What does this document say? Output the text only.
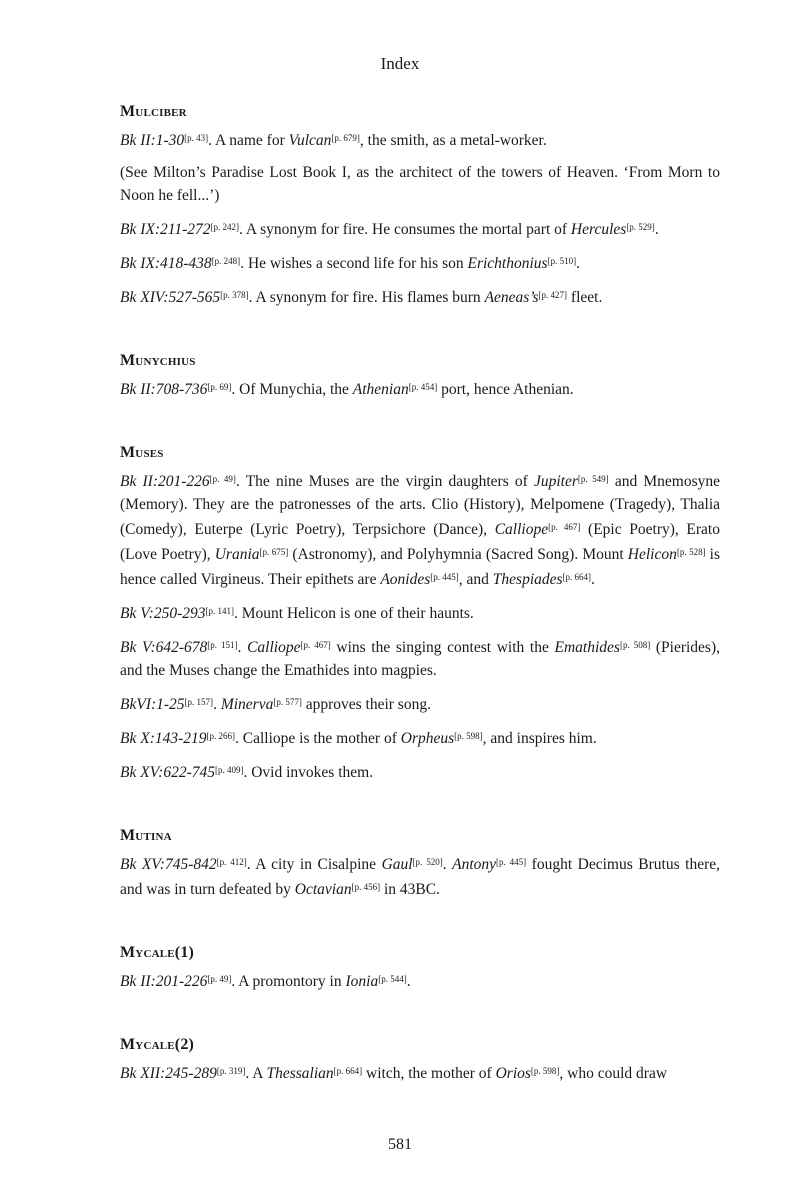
Index
Mulciber

Bk II:1-30[p. 43]. A name for Vulcan[p. 679], the smith, as a metal-worker.

(See Milton’s Paradise Lost Book I, as the architect of the towers of Heaven. ‘From Morn to Noon he fell...’)

Bk IX:211-272[p. 242]. A synonym for fire. He consumes the mortal part of Hercules[p. 529].

Bk IX:418-438[p. 248]. He wishes a second life for his son Erichthonius[p. 510].

Bk XIV:527-565[p. 378]. A synonym for fire. His flames burn Aeneas’s[p. 427] fleet.

Munychius

Bk II:708-736[p. 69]. Of Munychia, the Athenian[p. 454] port, hence Athenian.

Muses

Bk II:201-226[p. 49]. The nine Muses are the virgin daughters of Jupiter[p. 549] and Mnemosyne (Memory). They are the patronesses of the arts. Clio (History), Melpomene (Tragedy), Thalia (Comedy), Euterpe (Lyric Poetry), Terpsichore (Dance), Calliope[p. 467] (Epic Poetry), Erato (Love Poetry), Urania[p. 675] (Astronomy), and Polyhymnia (Sacred Song). Mount Helicon[p. 528] is hence called Virgineus. Their epithets are Aonides[p. 445], and Thespiades[p. 664].

Bk V:250-293[p. 141]. Mount Helicon is one of their haunts.

Bk V:642-678[p. 151]. Calliope[p. 467] wins the singing contest with the Emathides[p. 508] (Pierides), and the Muses change the Emathides into magpies.

BkVI:1-25[p. 157]. Minerva[p. 577] approves their song.

Bk X:143-219[p. 266]. Calliope is the mother of Orpheus[p. 598], and inspires him.

Bk XV:622-745[p. 409]. Ovid invokes them.

Mutina

Bk XV:745-842[p. 412]. A city in Cisalpine Gaul[p. 520]. Antony[p. 445] fought Decimus Brutus there, and was in turn defeated by Octavian[p. 456] in 43BC.

Mycale(1)

Bk II:201-226[p. 49]. A promontory in Ionia[p. 544].

Mycale(2)

Bk XII:245-289[p. 319]. A Thessalian[p. 664] witch, the mother of Orios[p. 598], who could draw

581
